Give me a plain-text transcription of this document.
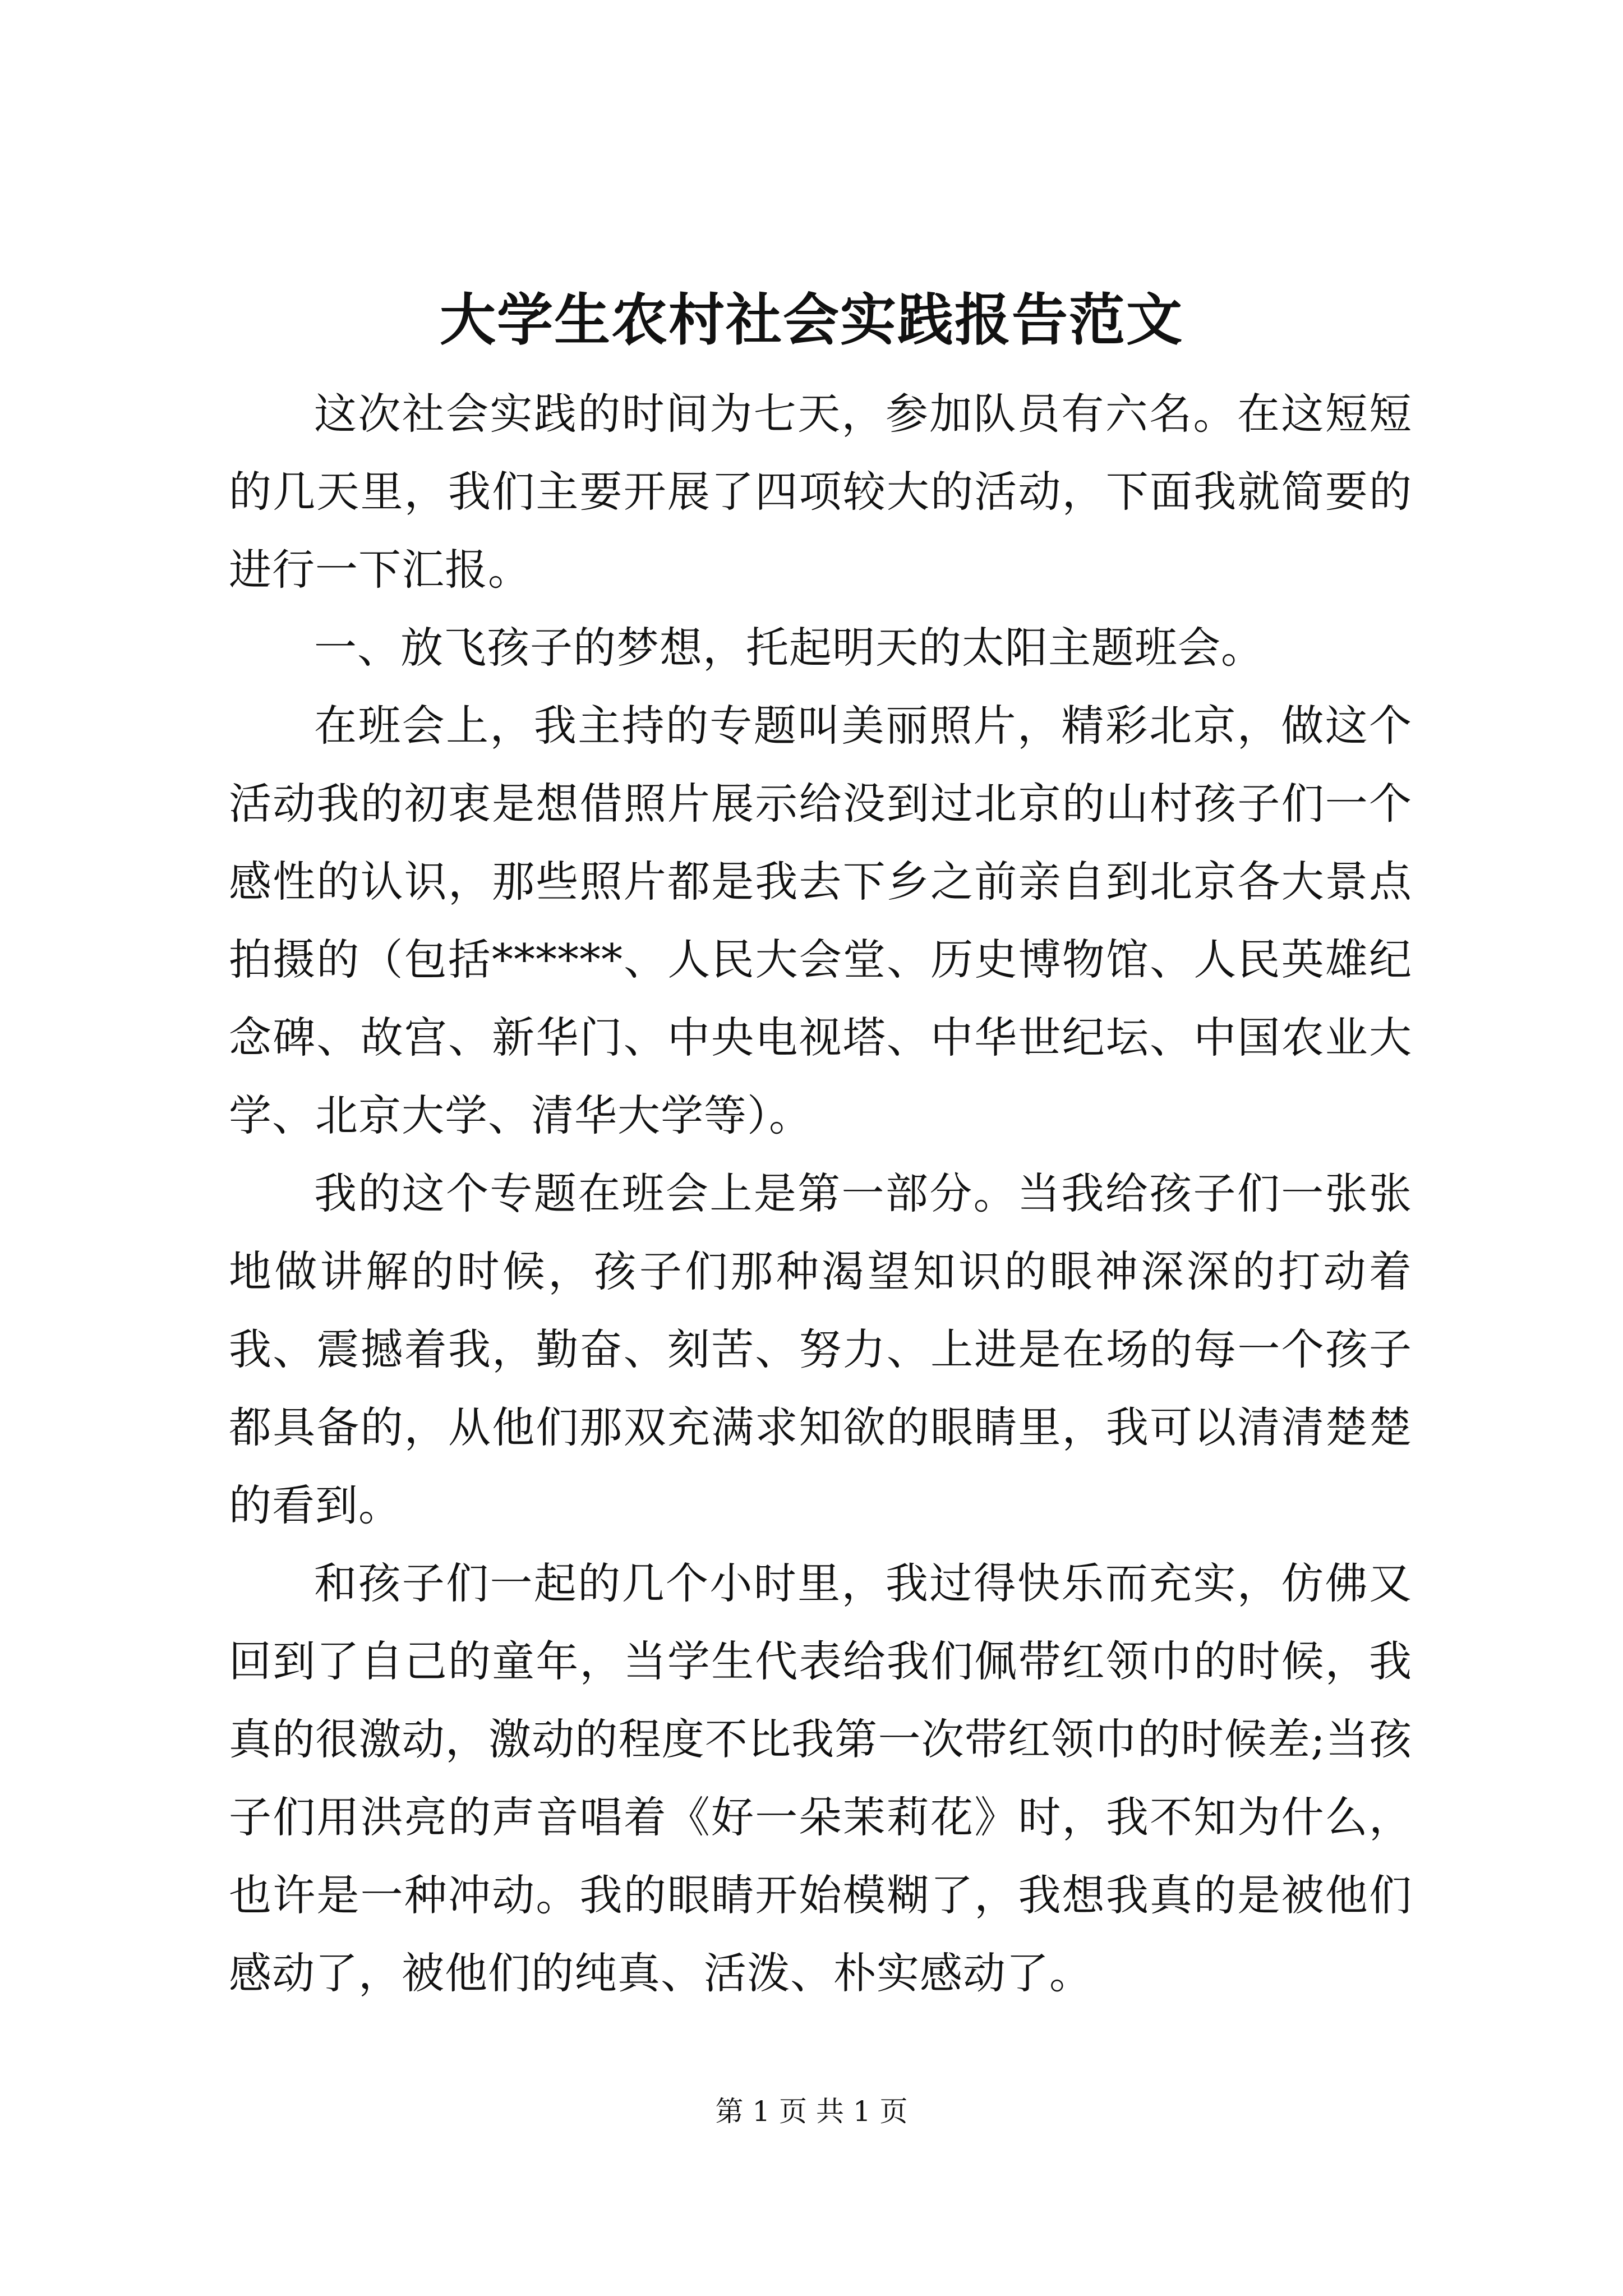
大学生农村社会实践报告范文

这次社会实践的时间为七天，参加队员有六名。在这短短的几天里，我们主要开展了四项较大的活动，下面我就简要的进行一下汇报。

一、放飞孩子的梦想，托起明天的太阳主题班会。

在班会上，我主持的专题叫美丽照片，精彩北京，做这个活动我的初衷是想借照片展示给没到过北京的山村孩子们一个感性的认识，那些照片都是我去下乡之前亲自到北京各大景点拍摄的（包括******、人民大会堂、历史博物馆、人民英雄纪念碑、故宫、新华门、中央电视塔、中华世纪坛、中国农业大学、北京大学、清华大学等）。

我的这个专题在班会上是第一部分。当我给孩子们一张张地做讲解的时候，孩子们那种渴望知识的眼神深深的打动着我、震撼着我，勤奋、刻苦、努力、上进是在场的每一个孩子都具备的，从他们那双充满求知欲的眼睛里，我可以清清楚楚的看到。

和孩子们一起的几个小时里，我过得快乐而充实，仿佛又回到了自己的童年，当学生代表给我们佩带红领巾的时候，我真的很激动，激动的程度不比我第一次带红领巾的时候差;当孩子们用洪亮的声音唱着《好一朵茉莉花》时，我不知为什么，也许是一种冲动。我的眼睛开始模糊了，我想我真的是被他们感动了，被他们的纯真、活泼、朴实感动了。

第 1 页 共 1 页
